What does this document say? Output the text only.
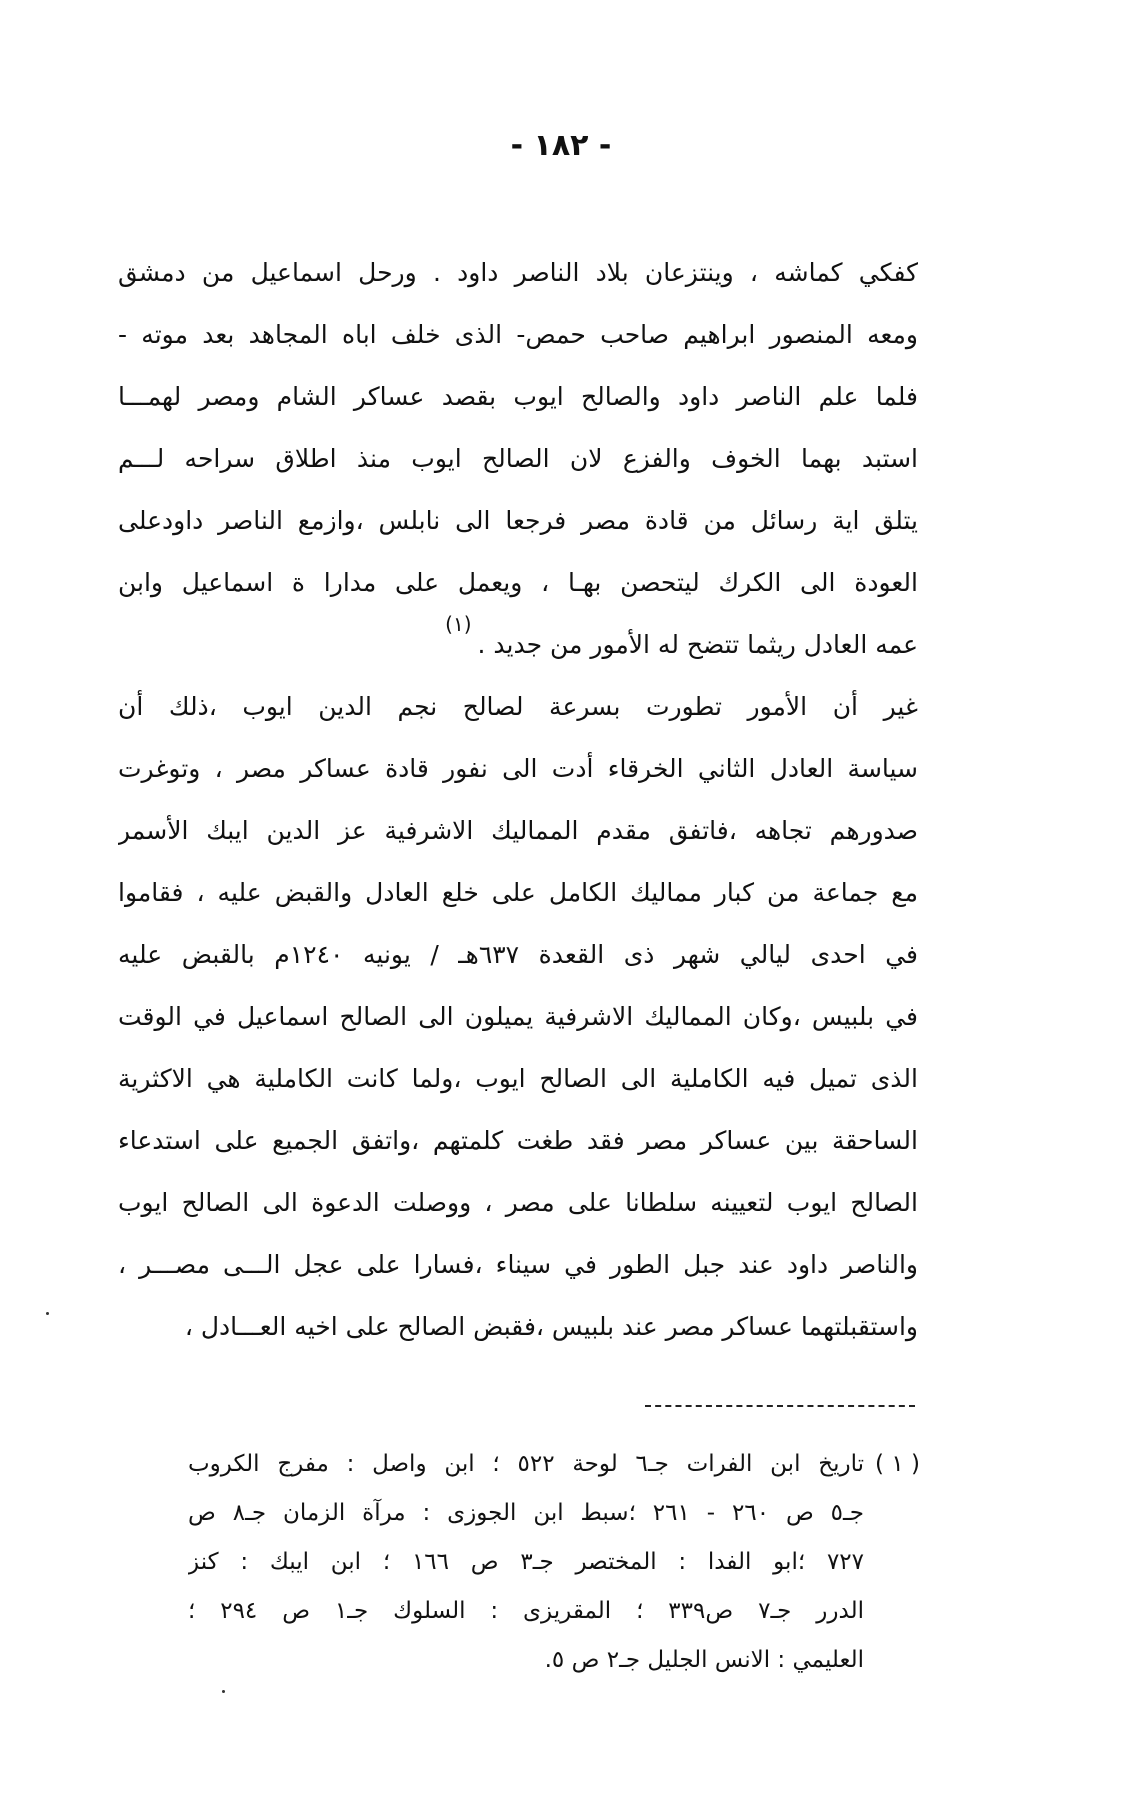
- ١٨٢ -
كفكي كماشه ، وينتزعان بلاد الناصر داود . ورحل اسماعيل من دمشق
ومعه المنصور ابراهيم صاحب حمص- الذى خلف اباه المجاهد بعد موته -
فلما علم الناصر داود والصالح ايوب بقصد عساكر الشام ومصر لهمـــا
استبد بهما الخوف والفزع لان الصالح ايوب منذ اطلاق سراحه لـــم
يتلق اية رسائل من قادة مصر فرجعا الى نابلس ،وازمع الناصر داودعلى
العودة الى الكرك ليتحصن بهـا ، ويعمل على مدارا ة اسماعيل وابن
عمه العادل ريثما تتضح له الأمور من جديد .$^{(١)}$
غير أن الأمور تطورت بسرعة لصالح نجم الدين ايوب ،ذلك أن
سياسة العادل الثاني الخرقاء أدت الى نفور قادة عساكر مصر ، وتوغرت
صدورهم تجاهه ،فاتفق مقدم المماليك الاشرفية عز الدين ايبك الأسمر
مع جماعة من كبار مماليك الكامل على خلع العادل والقبض عليه ، فقاموا
في احدى ليالي شهر ذى القعدة ٦٣٧هـ / يونيه ١٢٤٠م بالقبض عليه
في بلبيس ،وكان المماليك الاشرفية يميلون الى الصالح اسماعيل في الوقت
الذى تميل فيه الكاملية الى الصالح ايوب ،ولما كانت الكاملية هي الاكثرية
الساحقة بين عساكر مصر فقد طغت كلمتهم ،واتفق الجميع على استدعاء
الصالح ايوب لتعيينه سلطانا على مصر ، ووصلت الدعوة الى الصالح ايوب
والناصر داود عند جبل الطور في سيناء ،فسارا على عجل الـــى مصـــر ،
واستقبلتهما عساكر مصر عند بلبيس ،فقبض الصالح على اخيه العـــادل ،
( ١ )
تاريخ ابن الفرات جـ٦ لوحة ٥٢٢ ؛ ابن واصل : مفرج الكروب
جـ٥ ص ٢٦٠ - ٢٦١ ؛سبط ابن الجوزى : مرآة الزمان جـ٨ ص
٧٢٧ ؛ابو الفدا : المختصر جـ٣ ص ١٦٦ ؛ ابن ايبك : كنز
الدرر جـ٧ ص٣٣٩ ؛ المقريزى : السلوك جـ١ ص ٢٩٤ ؛
العليمي : الانس الجليل جـ٢ ص ٥.
